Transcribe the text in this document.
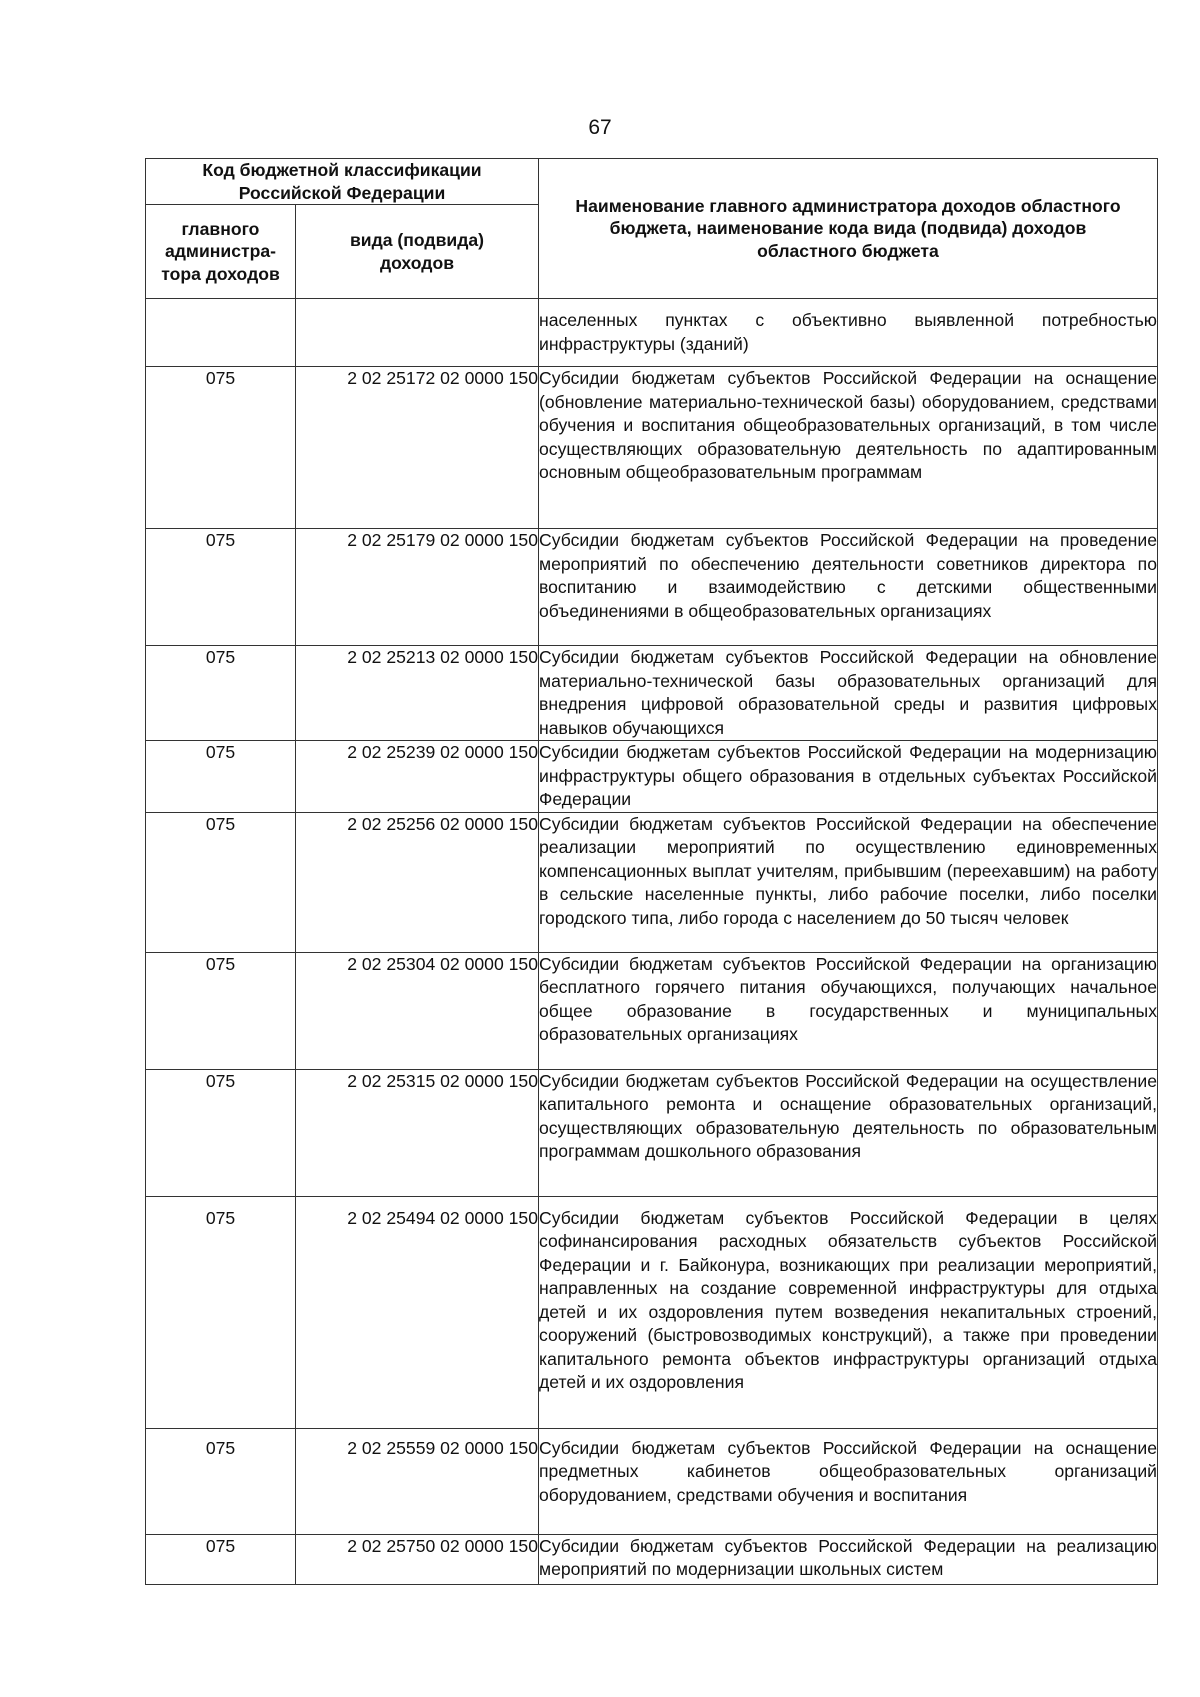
67
Код бюджетной классификации Российской Федерации		Наименование главного администратора доходов областного бюджета, наименование кода вида (подвида) доходов областного бюджета
главного администра-тора доходов	вида (подвида) доходов	

		населенных пунктах с объективно выявленной потребностью инфраструктуры (зданий)

075	2 02 25172 02 0000 150	Субсидии бюджетам субъектов Российской Федерации на оснащение (обновление материально-технической базы) оборудованием, средствами обучения и воспитания общеобразовательных организаций, в том числе осуществляющих образовательную деятельность по адаптированным основным общеобразовательным программам

075	2 02 25179 02 0000 150	Субсидии бюджетам субъектов Российской Федерации на проведение мероприятий по обеспечению деятельности советников директора по воспитанию и взаимодействию с детскими общественными объединениями в общеобразовательных организациях

075	2 02 25213 02 0000 150	Субсидии бюджетам субъектов Российской Федерации на обновление материально-технической базы образовательных организаций для внедрения цифровой образовательной среды и развития цифровых навыков обучающихся

075	2 02 25239 02 0000 150	Субсидии бюджетам субъектов Российской Федерации на модернизацию инфраструктуры общего образования в отдельных субъектах Российской Федерации

075	2 02 25256 02 0000 150	Субсидии бюджетам субъектов Российской Федерации на обеспечение реализации мероприятий по осуществлению единовременных компенсационных выплат учителям, прибывшим (переехавшим) на работу в сельские населенные пункты, либо рабочие поселки, либо поселки городского типа, либо города с населением до 50 тысяч человек

075	2 02 25304 02 0000 150	Субсидии бюджетам субъектов Российской Федерации на организацию бесплатного горячего питания обучающихся, получающих начальное общее образование в государственных и муниципальных образовательных организациях

075	2 02 25315 02 0000 150	Субсидии бюджетам субъектов Российской Федерации на осуществление капитального ремонта и оснащение образовательных организаций, осуществляющих образовательную деятельность по образовательным программам дошкольного образования

075	2 02 25494 02 0000 150	Субсидии бюджетам субъектов Российской Федерации в целях софинансирования расходных обязательств субъектов Российской Федерации и г. Байконура, возникающих при реализации мероприятий, направленных на создание современной инфраструктуры для отдыха детей и их оздоровления путем возведения некапитальных строений, сооружений (быстровозводимых конструкций), а также при проведении капитального ремонта объектов инфраструктуры организаций отдыха детей и их оздоровления

075	2 02 25559 02 0000 150	Субсидии бюджетам субъектов Российской Федерации на оснащение предметных кабинетов общеобразовательных организаций оборудованием, средствами обучения и воспитания

075	2 02 25750 02 0000 150	Субсидии бюджетам субъектов Российской Федерации на реализацию мероприятий по модернизации школьных систем
